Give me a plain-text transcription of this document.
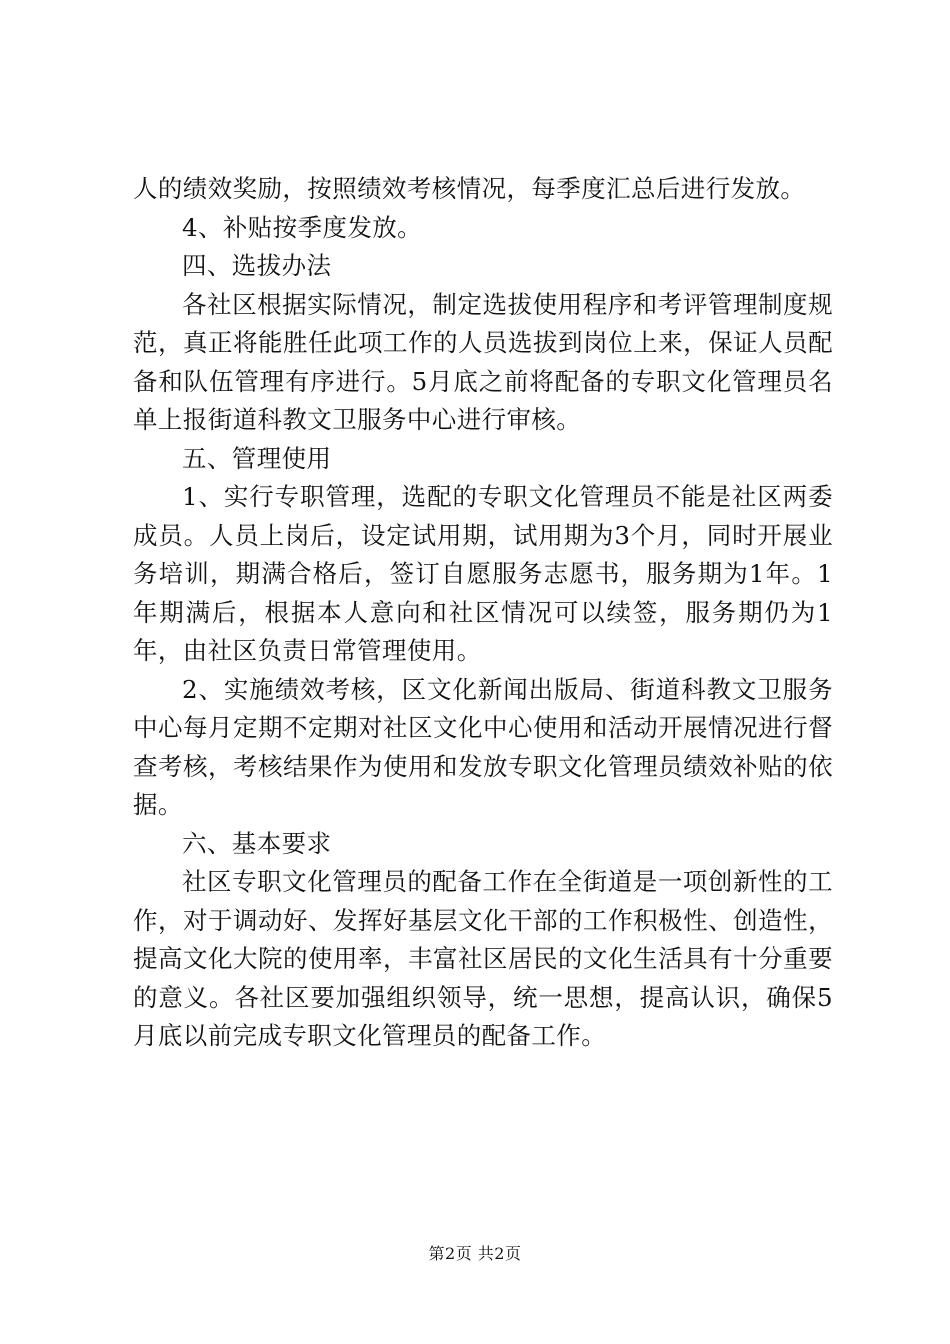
人的绩效奖励，按照绩效考核情况，每季度汇总后进行发放。

4、补贴按季度发放。

四、选拔办法

各社区根据实际情况，制定选拔使用程序和考评管理制度规范，真正将能胜任此项工作的人员选拔到岗位上来，保证人员配备和队伍管理有序进行。5月底之前将配备的专职文化管理员名单上报街道科教文卫服务中心进行审核。

五、管理使用

1、实行专职管理，选配的专职文化管理员不能是社区两委成员。人员上岗后，设定试用期，试用期为3个月，同时开展业务培训，期满合格后，签订自愿服务志愿书，服务期为1年。1年期满后，根据本人意向和社区情况可以续签，服务期仍为1年，由社区负责日常管理使用。

2、实施绩效考核，区文化新闻出版局、街道科教文卫服务中心每月定期不定期对社区文化中心使用和活动开展情况进行督查考核，考核结果作为使用和发放专职文化管理员绩效补贴的依据。

六、基本要求

社区专职文化管理员的配备工作在全街道是一项创新性的工作，对于调动好、发挥好基层文化干部的工作积极性、创造性，提高文化大院的使用率，丰富社区居民的文化生活具有十分重要的意义。各社区要加强组织领导，统一思想，提高认识，确保5月底以前完成专职文化管理员的配备工作。

第2页 共2页
